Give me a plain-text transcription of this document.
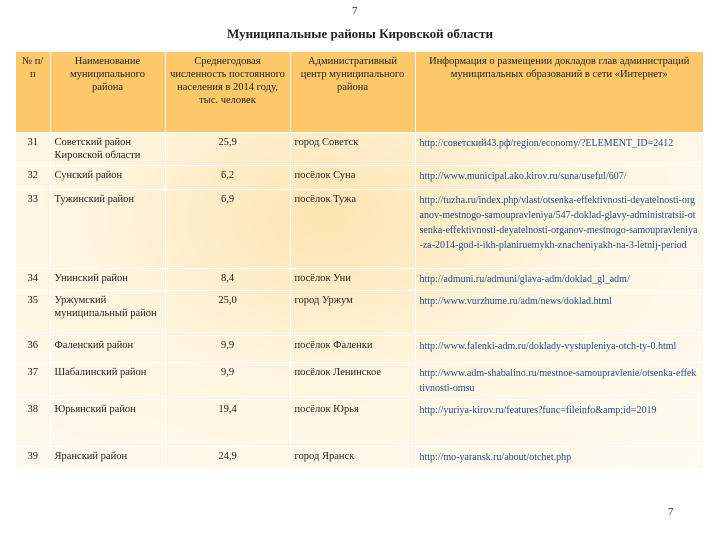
7
Муниципальные районы Кировской области
№ п/п	Наименование муниципального района	Среднегодовая численность постоянного населения в 2014 году, тыс. человек	Административный центр муниципального района	Информация о размещении докладов глав администраций муниципальных образований в сети «Интернет»
31	Советский район Кировской области	25,9	город Советск	http://советский43.рф/region/economy/?ELEMENT_ID=2412
32	Сунский район	6,2	посёлок Суна	http://www.municipal.ako.kirov.ru/suna/useful/607/
33	Тужинский район	6,9	посёлок Тужа	http://tuzha.ru/index.php/vlast/otsenka-effektivnosti-deyatelnosti-organov-mestnogo-samoupravleniya/547-doklad-glavy-administratsii-otsenka-effektivnosti-deyatelnosti-organov-mestnogo-samoupravleniya-za-2014-god-i-ikh-planiruemykh-znacheniyakh-na-3-letnij-period
34	Унинский район	8,4	посёлок Уни	http://admuni.ru/admuni/glava-adm/doklad_gl_adm/
35	Уржумский муниципальный район	25,0	город Уржум	http://www.vurzhume.ru/adm/news/doklad.html
36	Фаленский район	9,9	посёлок Фаленки	http://www.falenki-adm.ru/doklady-vystupleniya-otch-ty-0.html
37	Шабалинский район	9,9	посёлок Ленинское	http://www.adm-shabalino.ru/mestnoe-samoupravlenie/otsenka-effektivnosti-omsu
38	Юрьянский район	19,4	посёлок Юрья	http://yuriya-kirov.ru/features?func=fileinfo&amp;id=2019
39	Яранский район	24,9	город Яранск	http://mo-yaransk.ru/about/otchet.php
7
